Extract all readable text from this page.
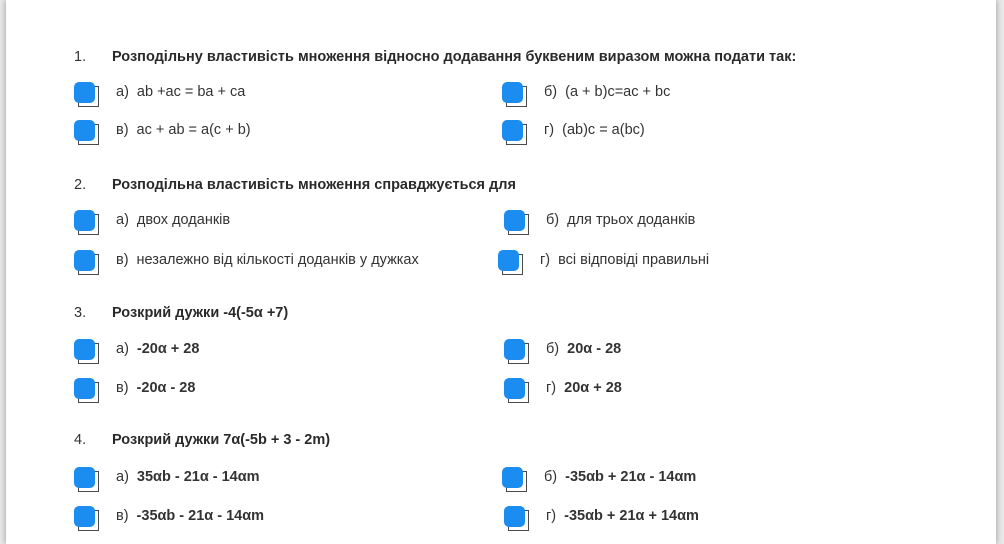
1. Розподільну властивість множення відносно додавання буквеним виразом можна подати так:
а) ab +ac = ba + ca	б) (a + b)c=ac + bc
в) ac + ab = a(c + b)	г) (ab)c = a(bc)
2. Розподільна властивість множення справджується для
а) двох доданків	б) для трьох доданків
в) незалежно від кількості доданків у дужках	г) всі відповіді правильні
3. Розкрий дужки -4(-5α +7)
а) -20α + 28	б) 20α - 28
в) -20α - 28	г) 20α + 28
4. Розкрий дужки 7α(-5b + 3 - 2m)
а) 35αb - 21α - 14αm	б) -35αb + 21α - 14αm
в) -35αb - 21α - 14αm	г) -35αb + 21α + 14αm
